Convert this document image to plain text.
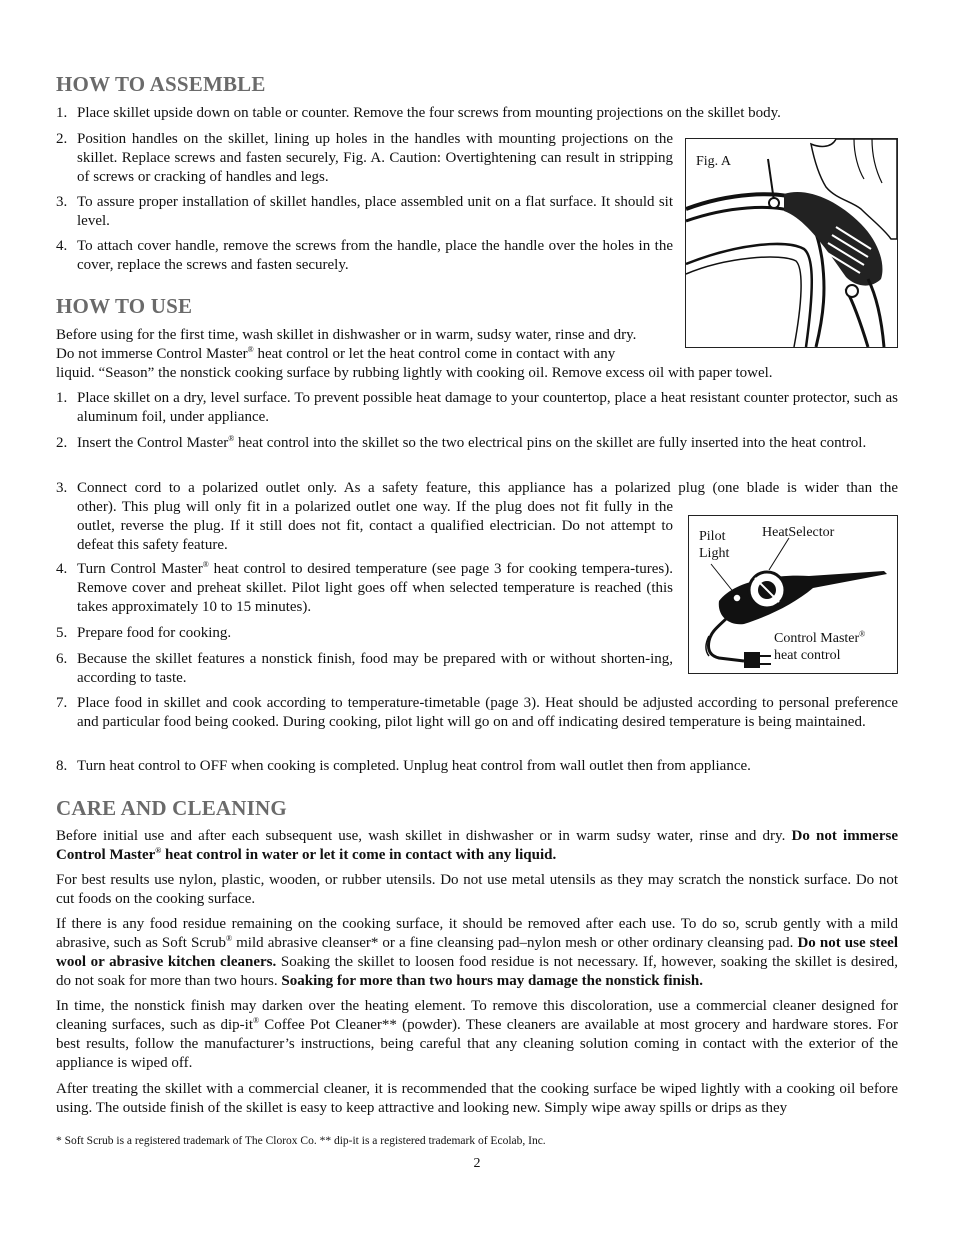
HOW TO ASSEMBLE
1. Place skillet upside down on table or counter. Remove the four screws from mounting projections on the skillet body.
2. Position handles on the skillet, lining up holes in the handles with mounting projections on the skillet. Replace screws and fasten securely, Fig. A. Caution: Overtightening can result in stripping of screws or cracking of handles and legs.
3. To assure proper installation of skillet handles, place assembled unit on a flat surface. It should sit level.
4. To attach cover handle, remove the screws from the handle, place the handle over the holes in the cover, replace the screws and fasten securely.
Fig. A
HOW TO USE
Before using for the first time, wash skillet in dishwasher or in warm, sudsy water, rinse and dry.
Do not immerse Control Master® heat control or let the heat control come in contact with any
liquid. “Season” the nonstick cooking surface by rubbing lightly with cooking oil. Remove excess oil with paper towel.
1. Place skillet on a dry, level surface. To prevent possible heat damage to your countertop, place a heat resistant counter protector, such as aluminum foil, under appliance.
2. Insert the Control Master® heat control into the skillet so the two electrical pins on the skillet are fully inserted into the heat control.
3. Connect cord to a polarized outlet only. As a safety feature, this appliance has a polarized plug (one blade is wider than the
other). This plug will only fit in a polarized outlet one way. If the plug does not fit fully in the outlet, reverse the plug. If it still does not fit, contact a qualified electrician. Do not attempt to defeat this safety feature.
4. Turn Control Master® heat control to desired temperature (see page 3 for cooking tempera-tures). Remove cover and preheat skillet. Pilot light goes off when selected temperature is reached (this takes approximately 10 to 15 minutes).
5. Prepare food for cooking.
6. Because the skillet features a nonstick finish, food may be prepared with or without shorten-ing, according to taste.
7. Place food in skillet and cook according to temperature-timetable (page 3). Heat should be adjusted according to personal preference and particular food being cooked. During cooking, pilot light will go on and off indicating desired temperature is being maintained.
8. Turn heat control to OFF when cooking is completed. Unplug heat control from wall outlet then from appliance.
Pilot
Light
HeatSelector
Control Master®
heat control
CARE AND CLEANING
Before initial use and after each subsequent use, wash skillet in dishwasher or in warm sudsy water, rinse and dry. Do not immerse Control Master® heat control in water or let it come in contact with any liquid.
For best results use nylon, plastic, wooden, or rubber utensils. Do not use metal utensils as they may scratch the nonstick surface. Do not cut foods on the cooking surface.
If there is any food residue remaining on the cooking surface, it should be removed after each use. To do so, scrub gently with a mild abrasive, such as Soft Scrub® mild abrasive cleanser* or a fine cleansing pad–nylon mesh or other ordinary cleansing pad. Do not use steel wool or abrasive kitchen cleaners. Soaking the skillet to loosen food residue is not necessary. If, however, soaking the skillet is desired, do not soak for more than two hours. Soaking for more than two hours may damage the nonstick finish.
In time, the nonstick finish may darken over the heating element. To remove this discoloration, use a commercial cleaner designed for cleaning surfaces, such as dip-it® Coffee Pot Cleaner** (powder). These cleaners are available at most grocery and hardware stores. For best results, follow the manufacturer’s instructions, being careful that any cleaning solution coming in contact with the exterior of the appliance is wiped off.
After treating the skillet with a commercial cleaner, it is recommended that the cooking surface be wiped lightly with a cooking oil before using. The outside finish of the skillet is easy to keep attractive and looking new. Simply wipe away spills or drips as they
* Soft Scrub is a registered trademark of The Clorox Co. ** dip-it is a registered trademark of Ecolab, Inc.
2
